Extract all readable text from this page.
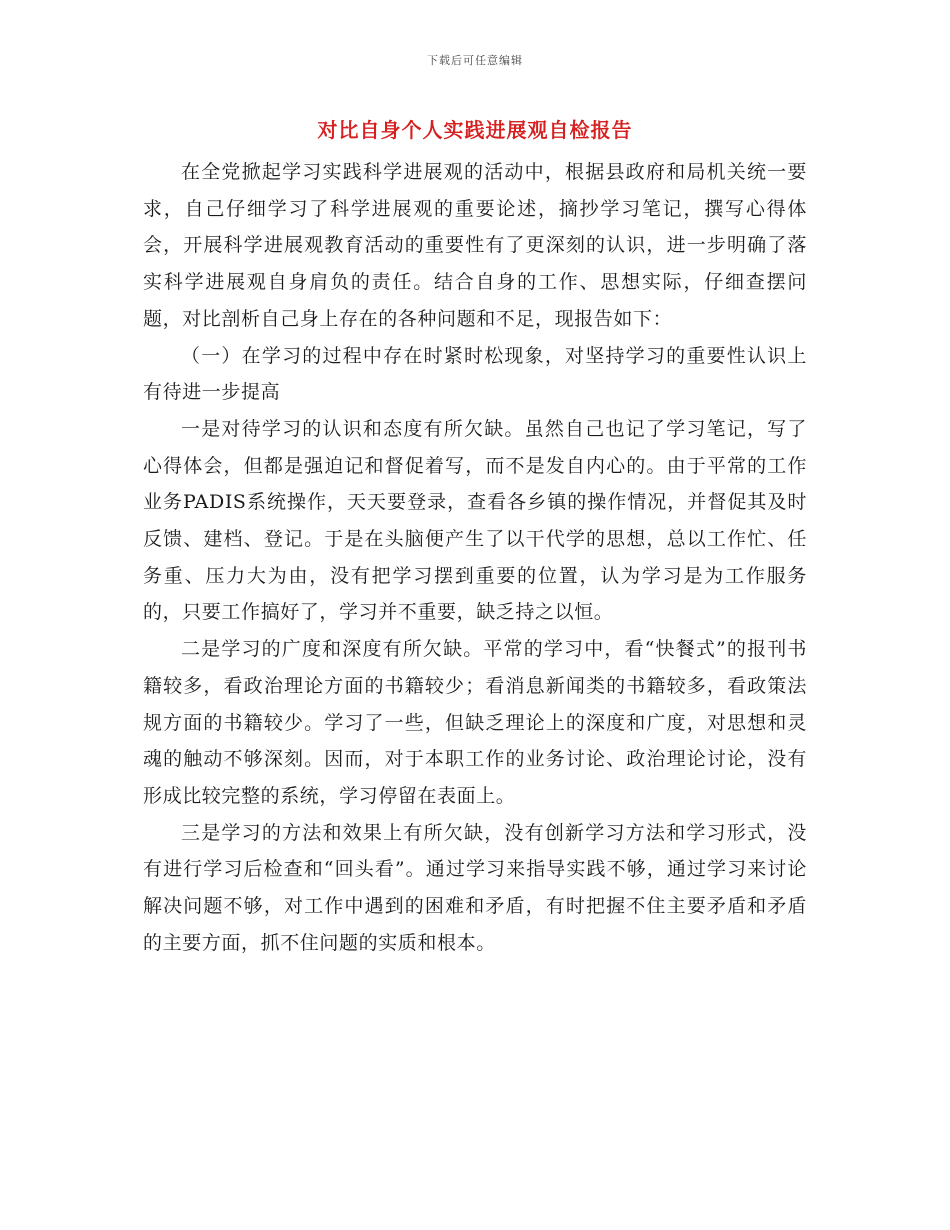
下载后可任意编辑
对比自身个人实践进展观自检报告

在全党掀起学习实践科学进展观的活动中，根据县政府和局机关统一要求，自己仔细学习了科学进展观的重要论述，摘抄学习笔记，撰写心得体会，开展科学进展观教育活动的重要性有了更深刻的认识，进一步明确了落实科学进展观自身肩负的责任。结合自身的工作、思想实际，仔细查摆问题，对比剖析自己身上存在的各种问题和不足，现报告如下：

（一）在学习的过程中存在时紧时松现象，对坚持学习的重要性认识上有待进一步提高

一是对待学习的认识和态度有所欠缺。虽然自己也记了学习笔记，写了心得体会，但都是强迫记和督促着写，而不是发自内心的。由于平常的工作业务PADIS系统操作，天天要登录，查看各乡镇的操作情况，并督促其及时反馈、建档、登记。于是在头脑便产生了以干代学的思想，总以工作忙、任务重、压力大为由，没有把学习摆到重要的位置，认为学习是为工作服务的，只要工作搞好了，学习并不重要，缺乏持之以恒。

二是学习的广度和深度有所欠缺。平常的学习中，看“快餐式”的报刊书籍较多，看政治理论方面的书籍较少；看消息新闻类的书籍较多，看政策法规方面的书籍较少。学习了一些，但缺乏理论上的深度和广度，对思想和灵魂的触动不够深刻。因而，对于本职工作的业务讨论、政治理论讨论，没有形成比较完整的系统，学习停留在表面上。

三是学习的方法和效果上有所欠缺，没有创新学习方法和学习形式，没有进行学习后检查和“回头看”。通过学习来指导实践不够，通过学习来讨论解决问题不够，对工作中遇到的困难和矛盾，有时把握不住主要矛盾和矛盾的主要方面，抓不住问题的实质和根本。
